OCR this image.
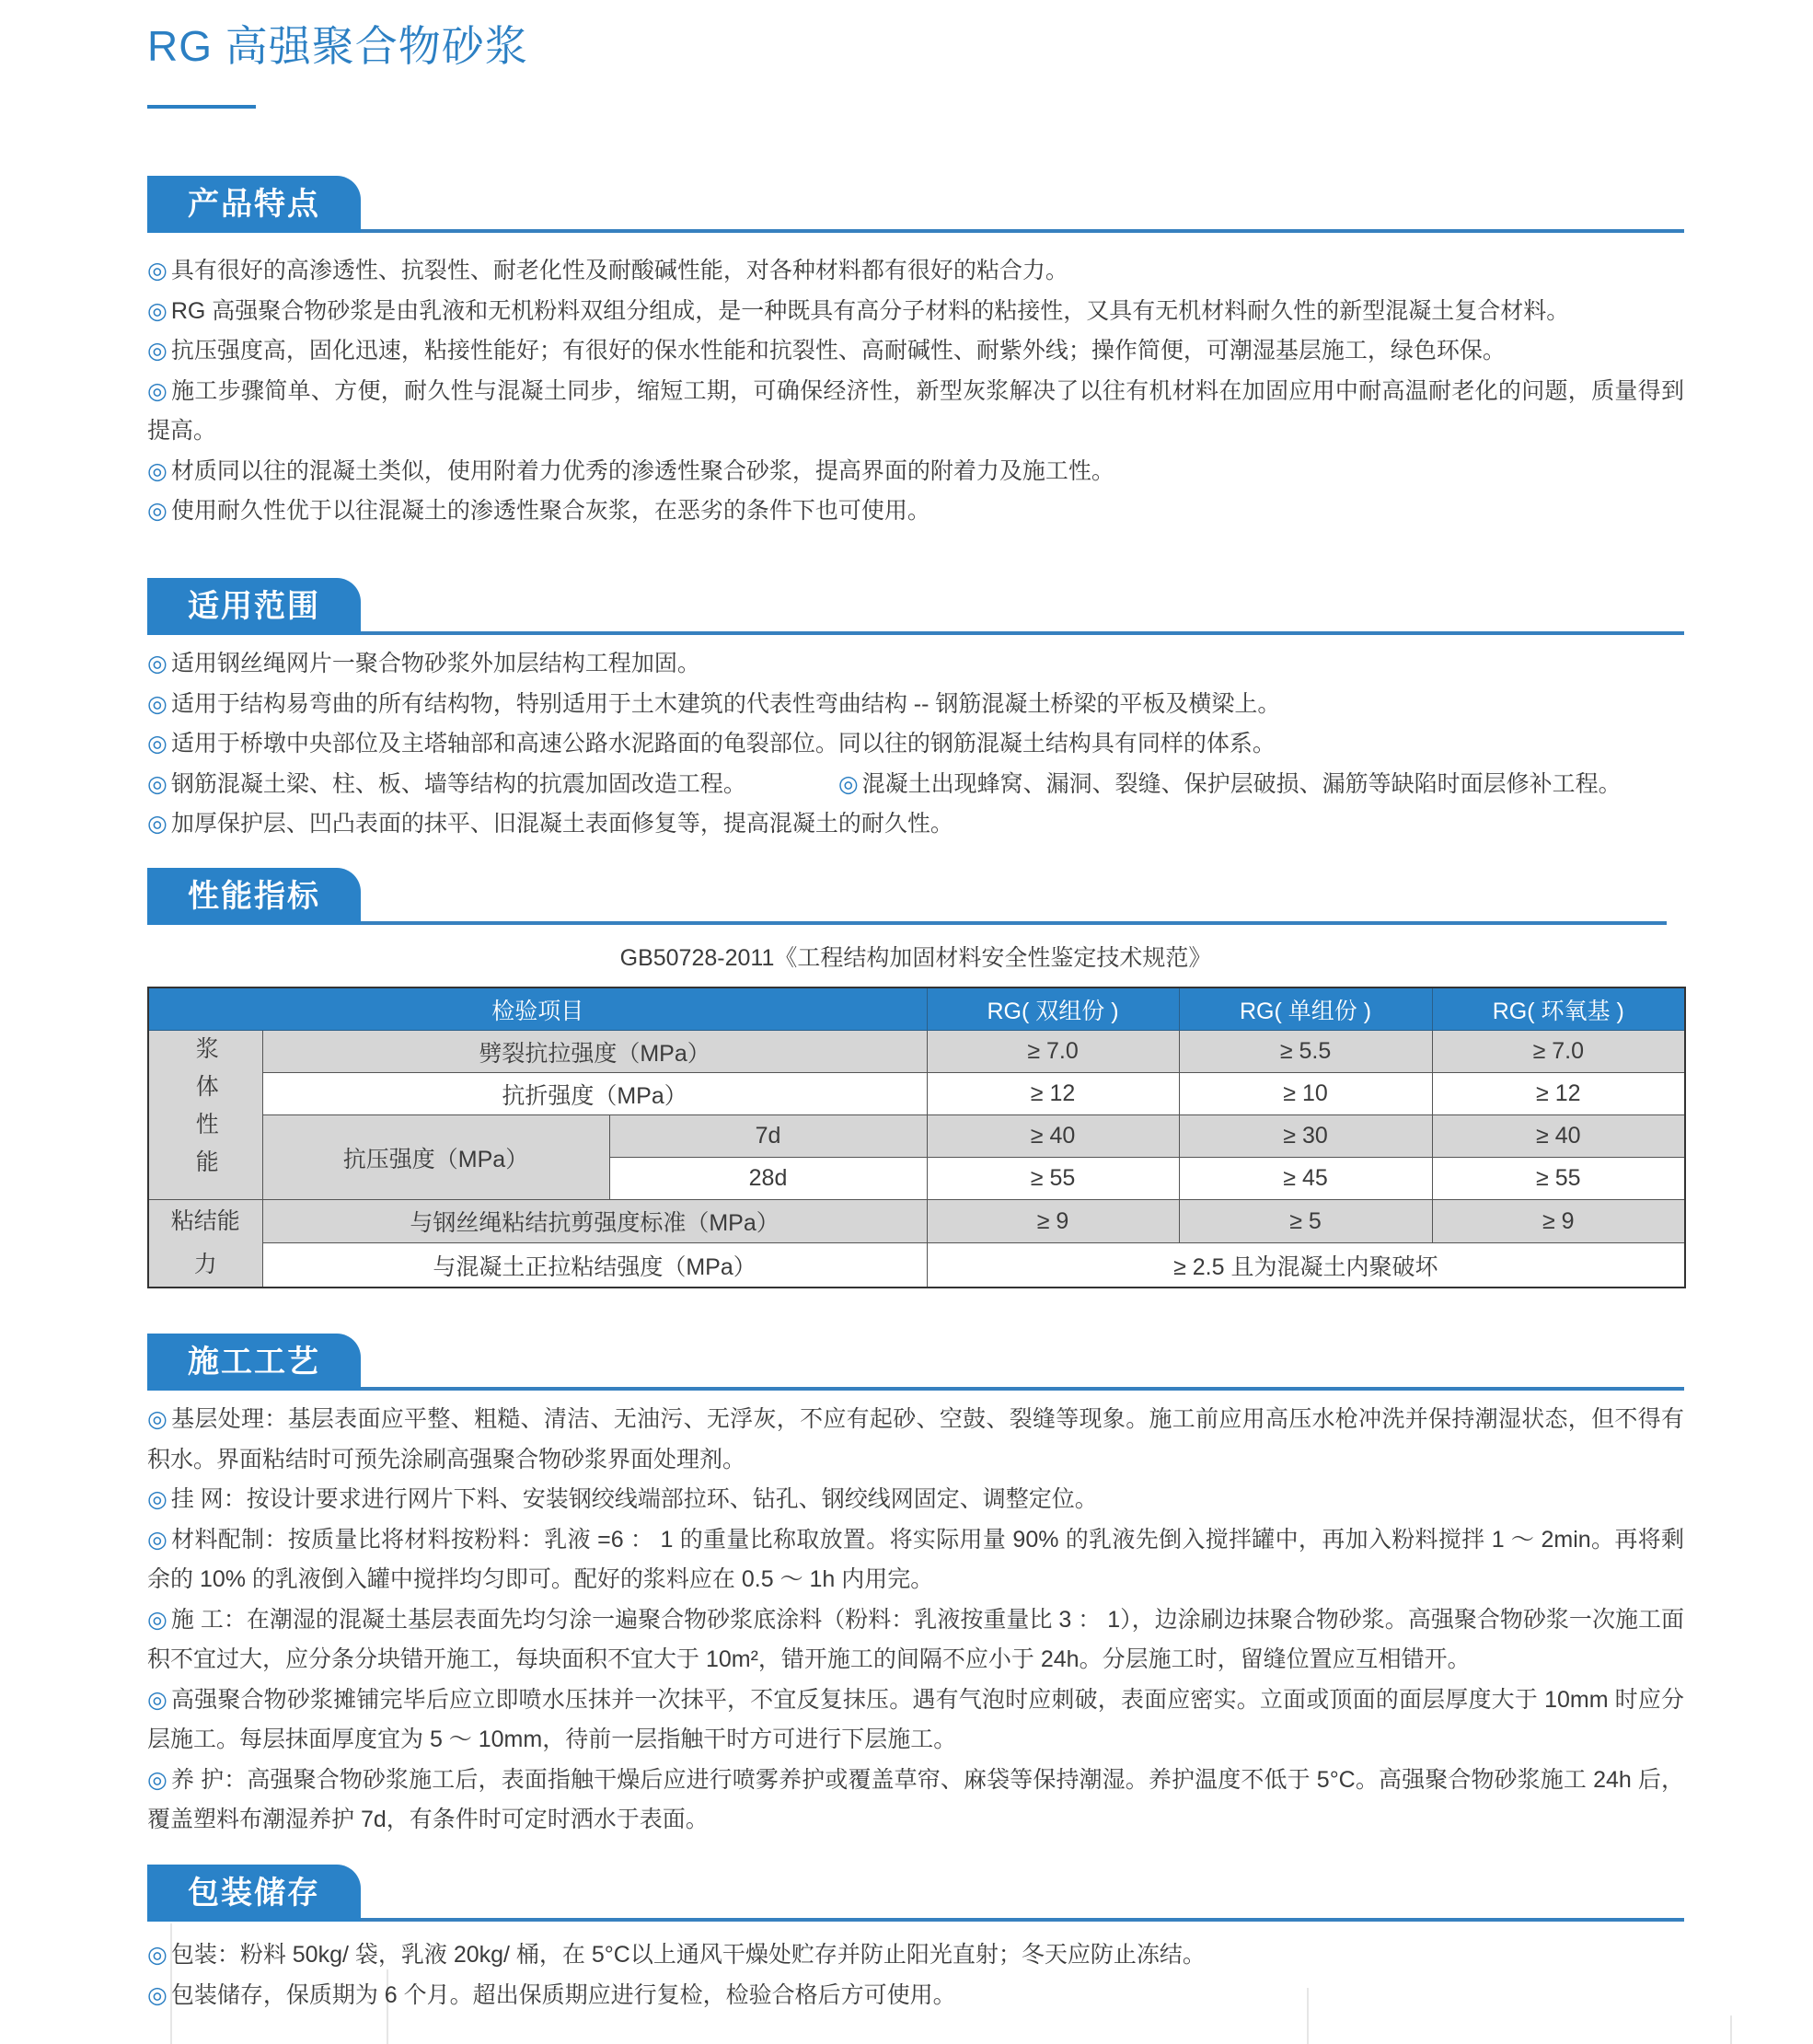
RG 高强聚合物砂浆
产品特点
◎ 具有很好的高渗透性、抗裂性、耐老化性及耐酸碱性能，对各种材料都有很好的粘合力。
◎ RG 高强聚合物砂浆是由乳液和无机粉料双组分组成，是一种既具有高分子材料的粘接性，又具有无机材料耐久性的新型混凝土复合材料。
◎ 抗压强度高，固化迅速，粘接性能好；有很好的保水性能和抗裂性、高耐碱性、耐紫外线；操作简便，可潮湿基层施工，绿色环保。
◎ 施工步骤简单、方便，耐久性与混凝土同步，缩短工期，可确保经济性，新型灰浆解决了以往有机材料在加固应用中耐高温耐老化的问题，质量得到提高。
◎ 材质同以往的混凝土类似，使用附着力优秀的渗透性聚合砂浆，提高界面的附着力及施工性。
◎ 使用耐久性优于以往混凝土的渗透性聚合灰浆，在恶劣的条件下也可使用。
适用范围
◎ 适用钢丝绳网片一聚合物砂浆外加层结构工程加固。
◎ 适用于结构易弯曲的所有结构物，特别适用于土木建筑的代表性弯曲结构 -- 钢筋混凝土桥梁的平板及横梁上。
◎ 适用于桥墩中央部位及主塔轴部和高速公路水泥路面的龟裂部位。同以往的钢筋混凝土结构具有同样的体系。
◎ 钢筋混凝土梁、柱、板、墙等结构的抗震加固改造工程。	◎ 混凝土出现蜂窝、漏洞、裂缝、保护层破损、漏筋等缺陷时面层修补工程。
◎ 加厚保护层、凹凸表面的抹平、旧混凝土表面修复等，提高混凝土的耐久性。
性能指标
GB50728-2011《工程结构加固材料安全性鉴定技术规范》
检验项目			RG( 双组份 )	RG( 单组份 )	RG( 环氧基 )
浆体性能	劈裂抗拉强度（MPa）		≥ 7.0	≥ 5.5	≥ 7.0
	抗折强度（MPa）		≥ 12	≥ 10	≥ 12
	抗压强度（MPa）	7d	≥ 40	≥ 30	≥ 40
		28d	≥ 55	≥ 45	≥ 55

粘结能
力	与钢丝绳粘结抗剪强度标准（MPa）		≥ 9	≥ 5	≥ 9
	与混凝土正拉粘结强度（MPa）		≥ 2.5 且为混凝土内聚破坏		
施工工艺
◎ 基层处理：基层表面应平整、粗糙、清洁、无油污、无浮灰，不应有起砂、空鼓、裂缝等现象。施工前应用高压水枪冲洗并保持潮湿状态，但不得有积水。界面粘结时可预先涂刷高强聚合物砂浆界面处理剂。
◎ 挂 网：按设计要求进行网片下料、安装钢绞线端部拉环、钻孔、钢绞线网固定、调整定位。
◎ 材料配制：按质量比将材料按粉料：乳液 =6 ： 1 的重量比称取放置。将实际用量 90% 的乳液先倒入搅拌罐中，再加入粉料搅拌 1 ～ 2min。再将剩余的 10% 的乳液倒入罐中搅拌均匀即可。配好的浆料应在 0.5 ～ 1h 内用完。
◎ 施 工：在潮湿的混凝土基层表面先均匀涂一遍聚合物砂浆底涂料（粉料：乳液按重量比 3 ： 1），边涂刷边抹聚合物砂浆。高强聚合物砂浆一次施工面积不宜过大，应分条分块错开施工，每块面积不宜大于 10m²，错开施工的间隔不应小于 24h。分层施工时，留缝位置应互相错开。
◎ 高强聚合物砂浆摊铺完毕后应立即喷水压抹并一次抹平，不宜反复抹压。遇有气泡时应刺破，表面应密实。立面或顶面的面层厚度大于 10mm 时应分层施工。每层抹面厚度宜为 5 ～ 10mm，待前一层指触干时方可进行下层施工。
◎ 养 护：高强聚合物砂浆施工后，表面指触干燥后应进行喷雾养护或覆盖草帘、麻袋等保持潮湿。养护温度不低于 5°C。高强聚合物砂浆施工 24h 后，覆盖塑料布潮湿养护 7d，有条件时可定时洒水于表面。
包装储存
◎ 包装：粉料 50kg/ 袋，乳液 20kg/ 桶，在 5°C以上通风干燥处贮存并防止阳光直射；冬天应防止冻结。
◎ 包装储存，保质期为 6 个月。超出保质期应进行复检，检验合格后方可使用。
